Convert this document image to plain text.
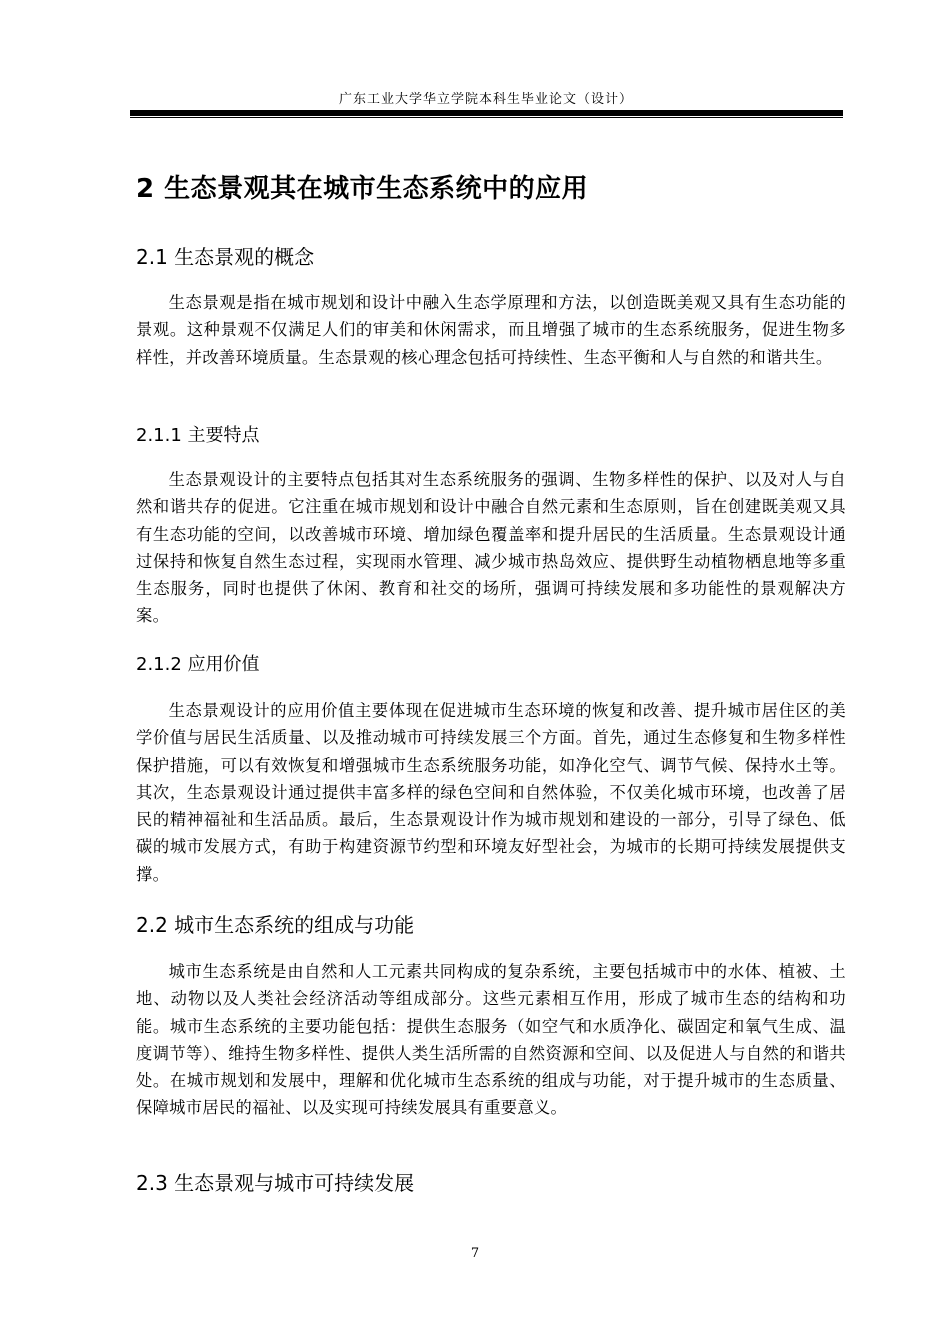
广东工业大学华立学院本科生毕业论文（设计）
2 生态景观其在城市生态系统中的应用
2.1 生态景观的概念

生态景观是指在城市规划和设计中融入生态学原理和方法，以创造既美观又具有生态功能的景观。这种景观不仅满足人们的审美和休闲需求，而且增强了城市的生态系统服务，促进生物多样性，并改善环境质量。生态景观的核心理念包括可持续性、生态平衡和人与自然的和谐共生。

2.1.1 主要特点

生态景观设计的主要特点包括其对生态系统服务的强调、生物多样性的保护、以及对人与自然和谐共存的促进。它注重在城市规划和设计中融合自然元素和生态原则，旨在创建既美观又具有生态功能的空间，以改善城市环境、增加绿色覆盖率和提升居民的生活质量。生态景观设计通过保持和恢复自然生态过程，实现雨水管理、减少城市热岛效应、提供野生动植物栖息地等多重生态服务，同时也提供了休闲、教育和社交的场所，强调可持续发展和多功能性的景观解决方案。

2.1.2 应用价值

生态景观设计的应用价值主要体现在促进城市生态环境的恢复和改善、提升城市居住区的美学价值与居民生活质量、以及推动城市可持续发展三个方面。首先，通过生态修复和生物多样性保护措施，可以有效恢复和增强城市生态系统服务功能，如净化空气、调节气候、保持水土等。其次，生态景观设计通过提供丰富多样的绿色空间和自然体验，不仅美化城市环境，也改善了居民的精神福祉和生活品质。最后，生态景观设计作为城市规划和建设的一部分，引导了绿色、低碳的城市发展方式，有助于构建资源节约型和环境友好型社会，为城市的长期可持续发展提供支撑。

2.2 城市生态系统的组成与功能

城市生态系统是由自然和人工元素共同构成的复杂系统，主要包括城市中的水体、植被、土地、动物以及人类社会经济活动等组成部分。这些元素相互作用，形成了城市生态的结构和功能。城市生态系统的主要功能包括：提供生态服务（如空气和水质净化、碳固定和氧气生成、温度调节等）、维持生物多样性、提供人类生活所需的自然资源和空间、以及促进人与自然的和谐共处。在城市规划和发展中，理解和优化城市生态系统的组成与功能，对于提升城市的生态质量、保障城市居民的福祉、以及实现可持续发展具有重要意义。

2.3 生态景观与城市可持续发展
7
